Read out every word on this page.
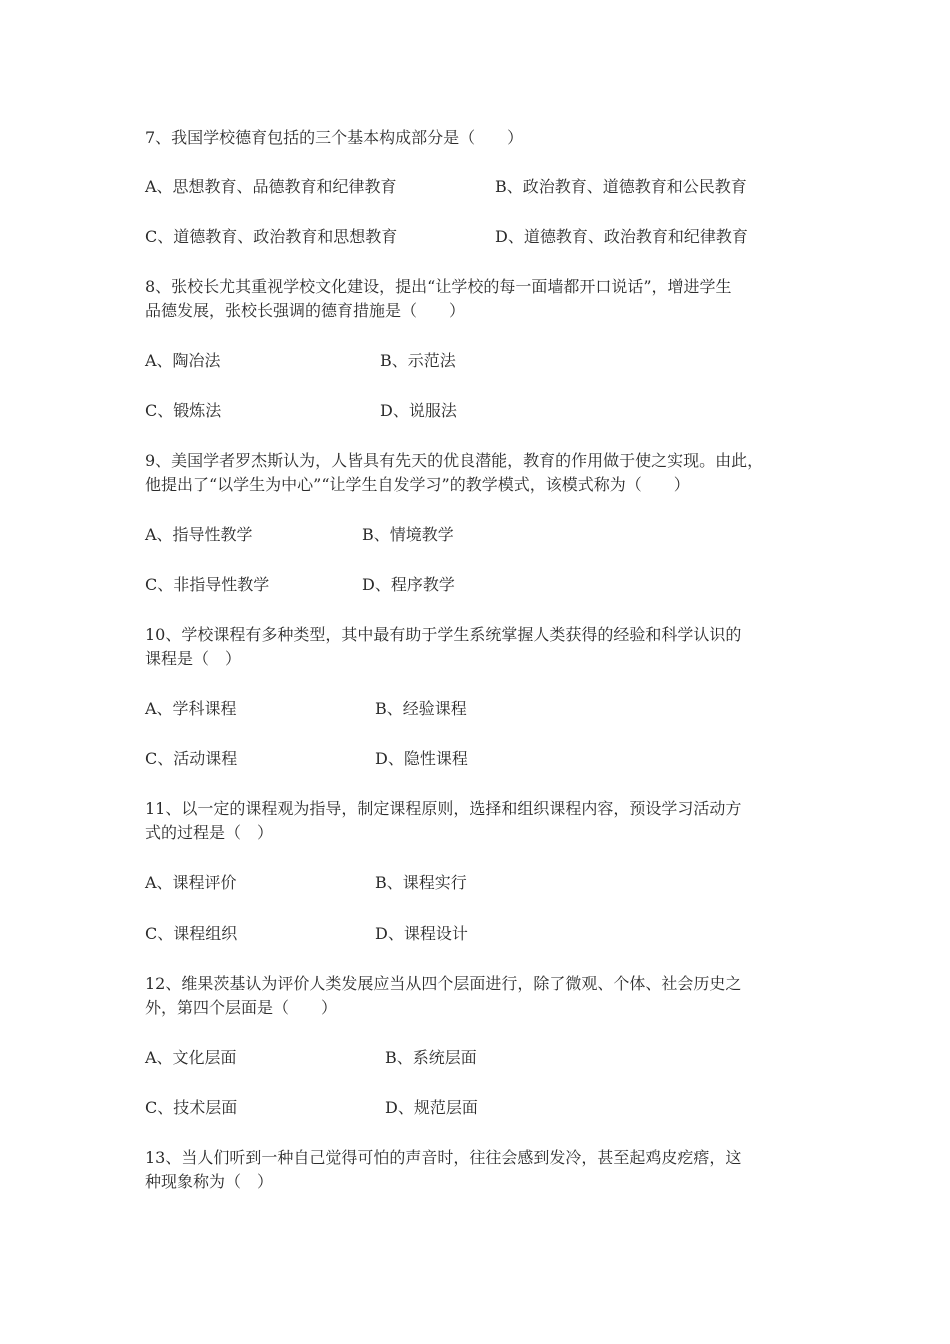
7、我国学校德育包括的三个基本构成部分是（　　）
A、思想教育、品德教育和纪律教育	B、政治教育、道德教育和公民教育
C、道德教育、政治教育和思想教育	D、道德教育、政治教育和纪律教育
8、张校长尤其重视学校文化建设，提出“让学校的每一面墙都开口说话”，增进学生
品德发展，张校长强调的德育措施是（　　）
A、陶冶法	B、示范法
C、锻炼法	D、说服法
9、美国学者罗杰斯认为，人皆具有先天的优良潜能，教育的作用做于使之实现。由此，
他提出了“以学生为中心”“让学生自发学习”的教学模式，该模式称为（　　）
A、指导性教学	B、情境教学
C、非指导性教学	D、程序教学
10、学校课程有多种类型，其中最有助于学生系统掌握人类获得的经验和科学认识的
课程是（　）
A、学科课程	B、经验课程
C、活动课程	D、隐性课程
11、以一定的课程观为指导，制定课程原则，选择和组织课程内容，预设学习活动方
式的过程是（　）
A、课程评价	B、课程实行
C、课程组织	D、课程设计
12、维果茨基认为评价人类发展应当从四个层面进行，除了微观、个体、社会历史之
外，第四个层面是（　　）
A、文化层面	B、系统层面
C、技术层面	D、规范层面
13、当人们听到一种自己觉得可怕的声音时，往往会感到发冷，甚至起鸡皮疙瘩，这
种现象称为（　）
